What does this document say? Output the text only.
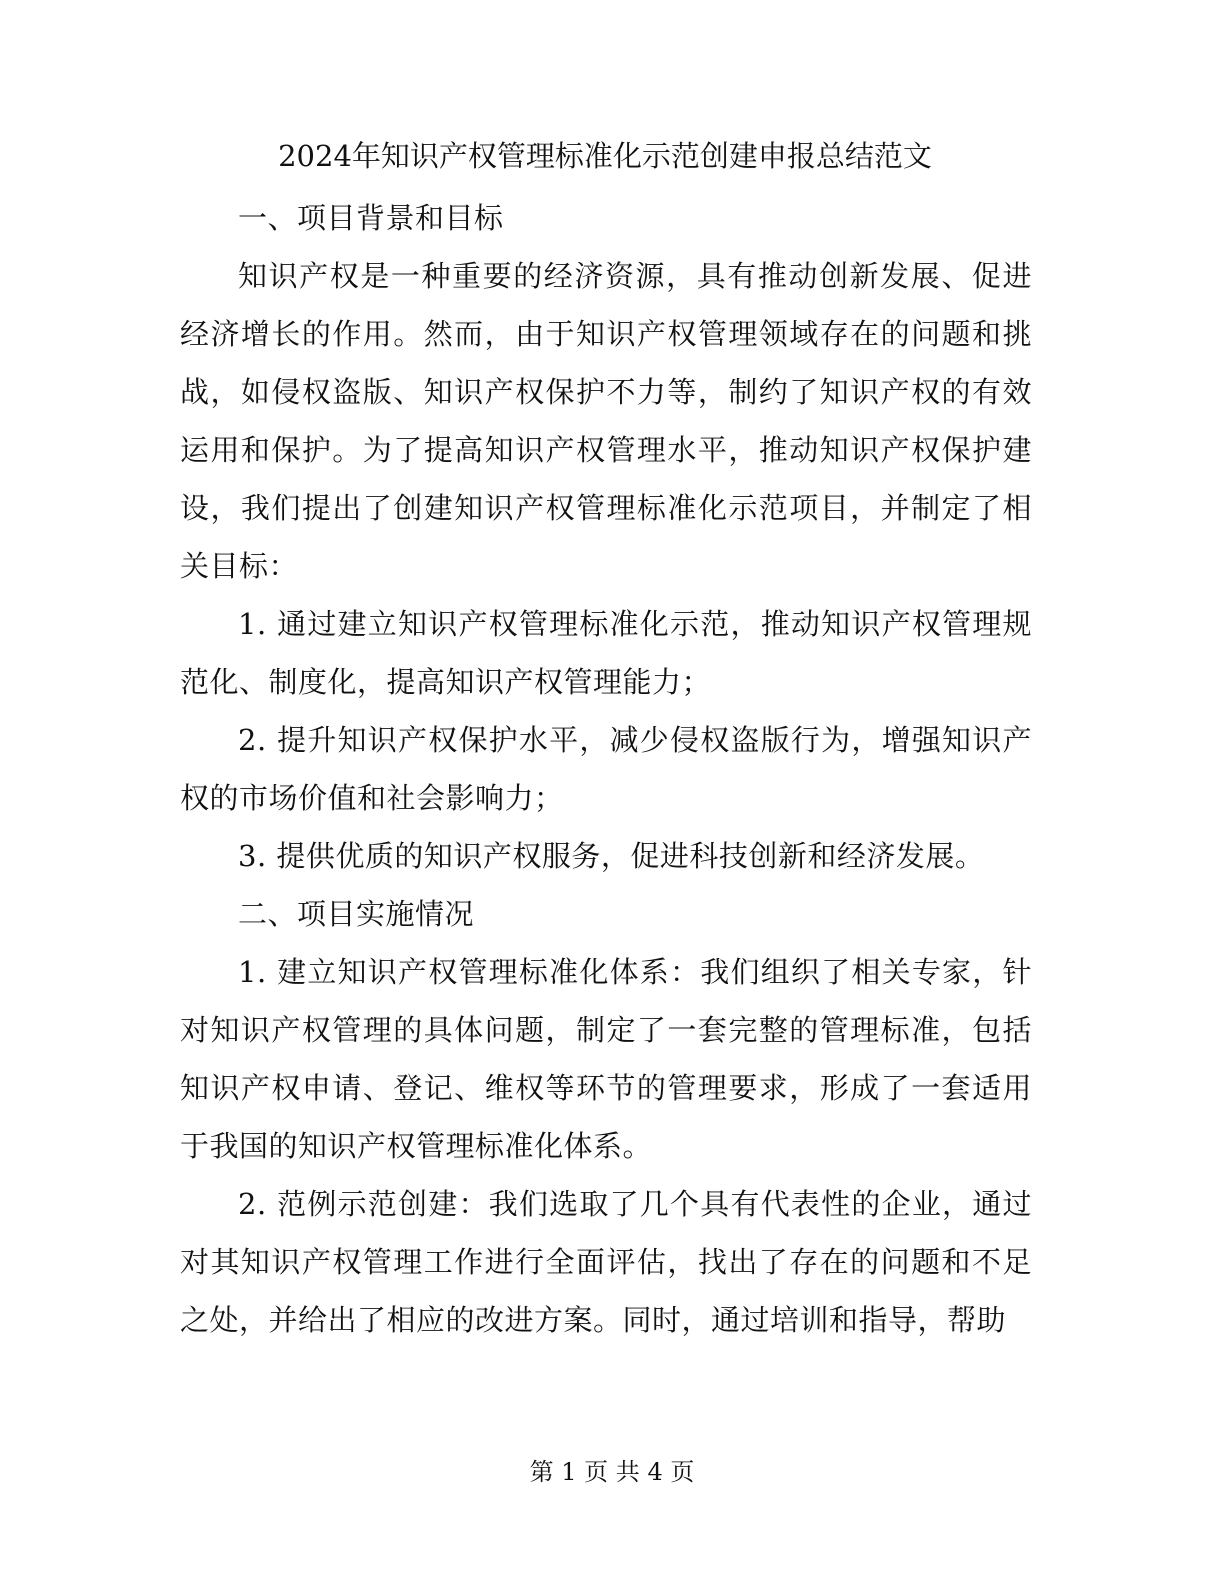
2024年知识产权管理标准化示范创建申报总结范文

一、项目背景和目标

知识产权是一种重要的经济资源，具有推动创新发展、促进经济增长的作用。然而，由于知识产权管理领域存在的问题和挑战，如侵权盗版、知识产权保护不力等，制约了知识产权的有效运用和保护。为了提高知识产权管理水平，推动知识产权保护建设，我们提出了创建知识产权管理标准化示范项目，并制定了相关目标：

1. 通过建立知识产权管理标准化示范，推动知识产权管理规范化、制度化，提高知识产权管理能力；

2. 提升知识产权保护水平，减少侵权盗版行为，增强知识产权的市场价值和社会影响力；

3. 提供优质的知识产权服务，促进科技创新和经济发展。

二、项目实施情况

1. 建立知识产权管理标准化体系：我们组织了相关专家，针对知识产权管理的具体问题，制定了一套完整的管理标准，包括知识产权申请、登记、维权等环节的管理要求，形成了一套适用于我国的知识产权管理标准化体系。

2. 范例示范创建：我们选取了几个具有代表性的企业，通过对其知识产权管理工作进行全面评估，找出了存在的问题和不足之处，并给出了相应的改进方案。同时，通过培训和指导，帮助

第 1 页 共 4 页
